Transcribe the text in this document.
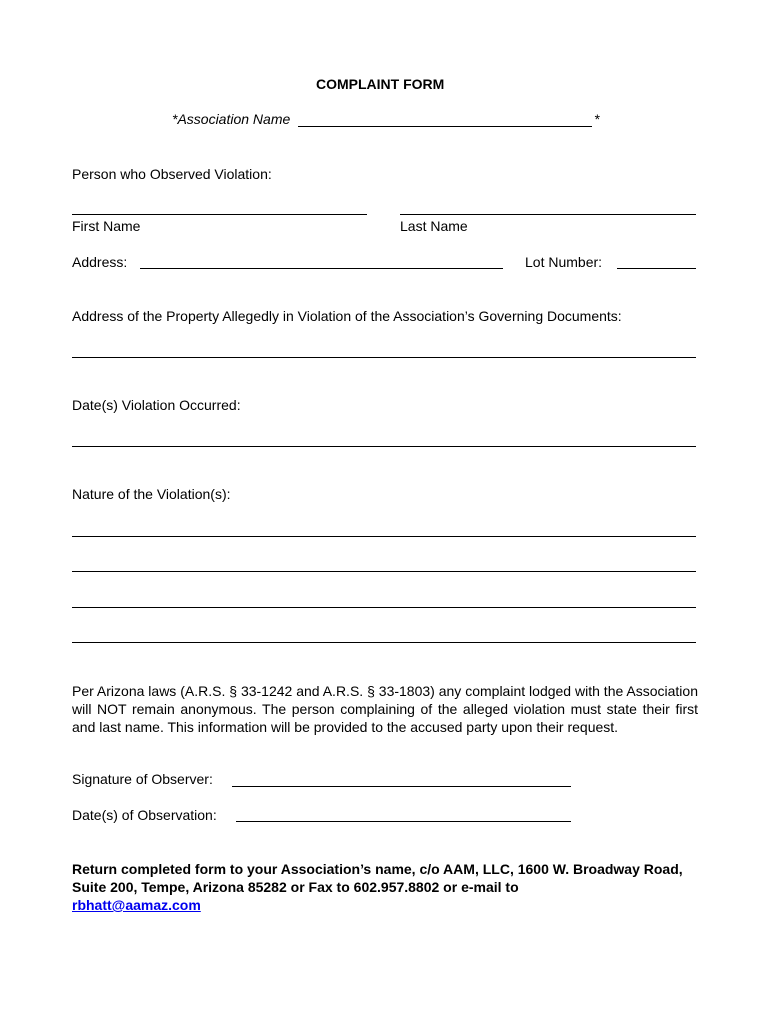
COMPLAINT FORM
*Association Name	*
Person who Observed Violation:
First Name	Last Name
Address:	Lot Number:
Address of the Property Allegedly in Violation of the Association’s Governing Documents:
Date(s) Violation Occurred:
Nature of the Violation(s):
Per Arizona laws (A.R.S. § 33-1242 and A.R.S. § 33-1803) any complaint lodged with the Association will NOT remain anonymous. The person complaining of the alleged violation must state their first and last name. This information will be provided to the accused party upon their request.
Signature of Observer:
Date(s) of Observation:
Return completed form to your Association’s name, c/o AAM, LLC, 1600 W. Broadway Road, Suite 200, Tempe, Arizona 85282 or Fax to 602.957.8802 or e-mail to
rbhatt@aamaz.com
